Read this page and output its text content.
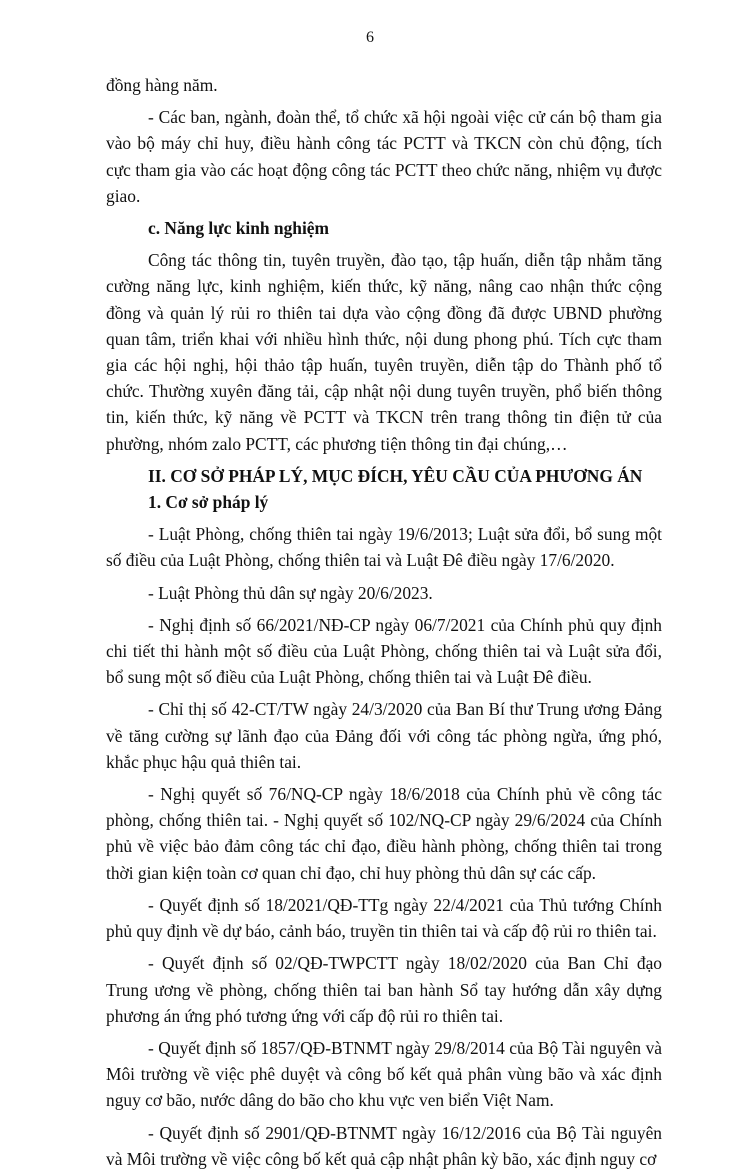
6

đồng hàng năm.

- Các ban, ngành, đoàn thể, tổ chức xã hội ngoài việc cử cán bộ tham gia vào bộ máy chỉ huy, điều hành công tác PCTT và TKCN còn chủ động, tích cực tham gia vào các hoạt động công tác PCTT theo chức năng, nhiệm vụ được giao.

c. Năng lực kinh nghiệm

Công tác thông tin, tuyên truyền, đào tạo, tập huấn, diễn tập nhằm tăng cường năng lực, kinh nghiệm, kiến thức, kỹ năng, nâng cao nhận thức cộng đồng và quản lý rủi ro thiên tai dựa vào cộng đồng đã được UBND phường quan tâm, triển khai với nhiều hình thức, nội dung phong phú. Tích cực tham gia các hội nghị, hội thảo tập huấn, tuyên truyền, diễn tập do Thành phố tổ chức. Thường xuyên đăng tải, cập nhật nội dung tuyên truyền, phổ biến thông tin, kiến thức, kỹ năng về PCTT và TKCN trên trang thông tin điện tử của phường, nhóm zalo PCTT, các phương tiện thông tin đại chúng,…

II. CƠ SỞ PHÁP LÝ, MỤC ĐÍCH, YÊU CẦU CỦA PHƯƠNG ÁN

1. Cơ sở pháp lý

- Luật Phòng, chống thiên tai ngày 19/6/2013; Luật sửa đổi, bổ sung một số điều của Luật Phòng, chống thiên tai và Luật Đê điều ngày 17/6/2020.

- Luật Phòng thủ dân sự ngày 20/6/2023.

- Nghị định số 66/2021/NĐ-CP ngày 06/7/2021 của Chính phủ quy định chi tiết thi hành một số điều của Luật Phòng, chống thiên tai và Luật sửa đổi, bổ sung một số điều của Luật Phòng, chống thiên tai và Luật Đê điều.

- Chỉ thị số 42-CT/TW ngày 24/3/2020 của Ban Bí thư Trung ương Đảng về tăng cường sự lãnh đạo của Đảng đối với công tác phòng ngừa, ứng phó, khắc phục hậu quả thiên tai.

- Nghị quyết số 76/NQ-CP ngày 18/6/2018 của Chính phủ về công tác phòng, chống thiên tai. - Nghị quyết số 102/NQ-CP ngày 29/6/2024 của Chính phủ về việc bảo đảm công tác chỉ đạo, điều hành phòng, chống thiên tai trong thời gian kiện toàn cơ quan chỉ đạo, chỉ huy phòng thủ dân sự các cấp.

- Quyết định số 18/2021/QĐ-TTg ngày 22/4/2021 của Thủ tướng Chính phủ quy định về dự báo, cảnh báo, truyền tin thiên tai và cấp độ rủi ro thiên tai.

- Quyết định số 02/QĐ-TWPCTT ngày 18/02/2020 của Ban Chỉ đạo Trung ương về phòng, chống thiên tai ban hành Sổ tay hướng dẫn xây dựng phương án ứng phó tương ứng với cấp độ rủi ro thiên tai.

- Quyết định số 1857/QĐ-BTNMT ngày 29/8/2014 của Bộ Tài nguyên và Môi trường về việc phê duyệt và công bố kết quả phân vùng bão và xác định nguy cơ bão, nước dâng do bão cho khu vực ven biển Việt Nam.

- Quyết định số 2901/QĐ-BTNMT ngày 16/12/2016 của Bộ Tài nguyên và Môi trường về việc công bố kết quả cập nhật phân kỳ bão, xác định nguy cơ
